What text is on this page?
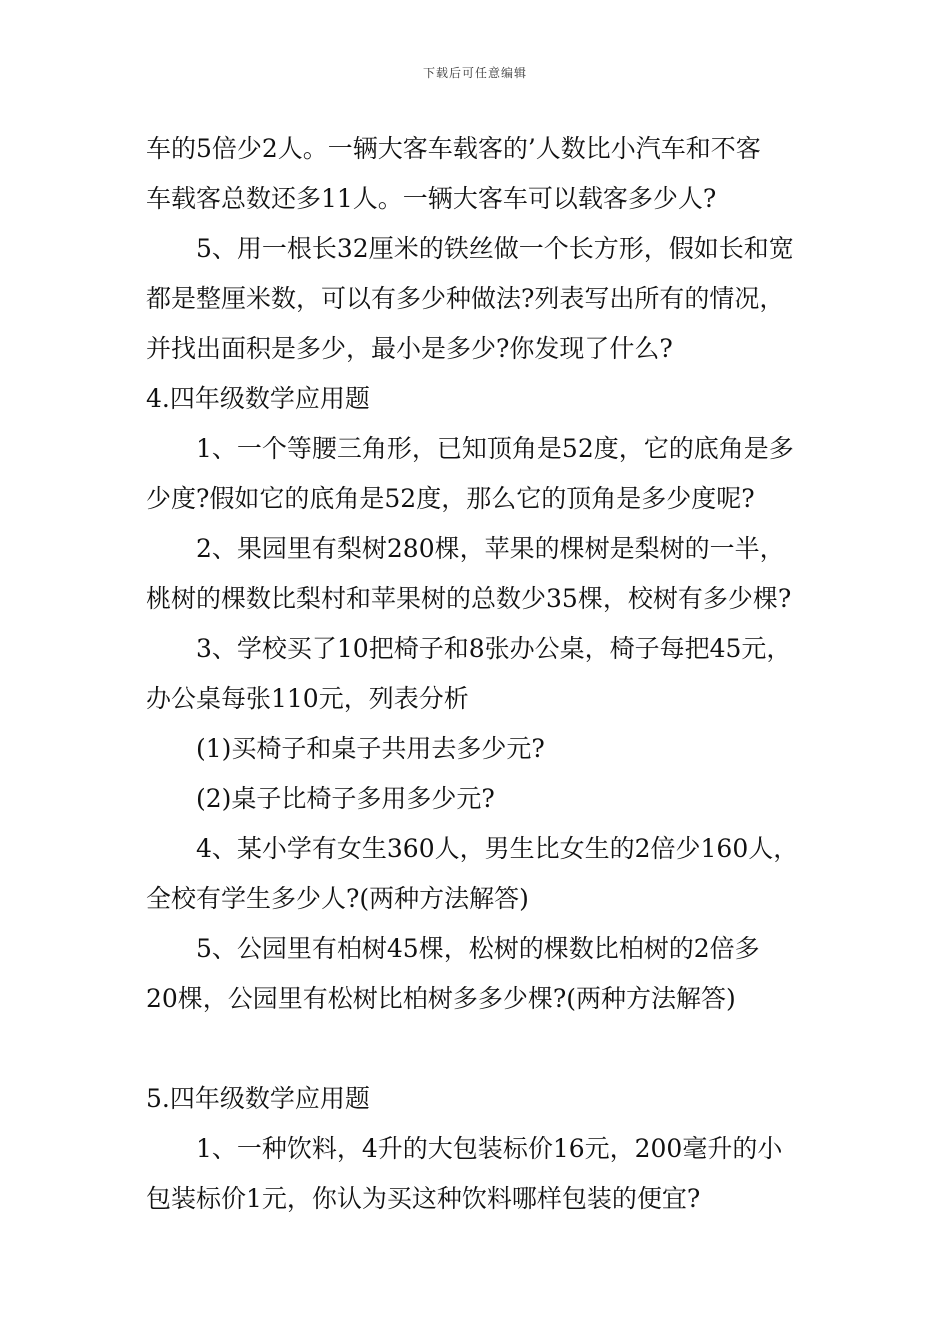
下载后可任意编辑
车的5倍少2人。一辆大客车载客的’人数比小汽车和不客
车载客总数还多11人。一辆大客车可以载客多少人?
5、用一根长32厘米的铁丝做一个长方形，假如长和宽
都是整厘米数，可以有多少种做法?列表写出所有的情况，
并找出面积是多少，最小是多少?你发现了什么?
4.四年级数学应用题
1、一个等腰三角形，已知顶角是52度，它的底角是多
少度?假如它的底角是52度，那么它的顶角是多少度呢?
2、果园里有梨树280棵，苹果的棵树是梨树的一半，
桃树的棵数比梨村和苹果树的总数少35棵，校树有多少棵?
3、学校买了10把椅子和8张办公桌，椅子每把45元，
办公桌每张110元，列表分析
(1)买椅子和桌子共用去多少元?
(2)桌子比椅子多用多少元?
4、某小学有女生360人，男生比女生的2倍少160人，
全校有学生多少人?(两种方法解答)
5、公园里有柏树45棵，松树的棵数比柏树的2倍多
20棵，公园里有松树比柏树多多少棵?(两种方法解答)
5.四年级数学应用题
1、一种饮料，4升的大包装标价16元，200毫升的小
包装标价1元，你认为买这种饮料哪样包装的便宜?
